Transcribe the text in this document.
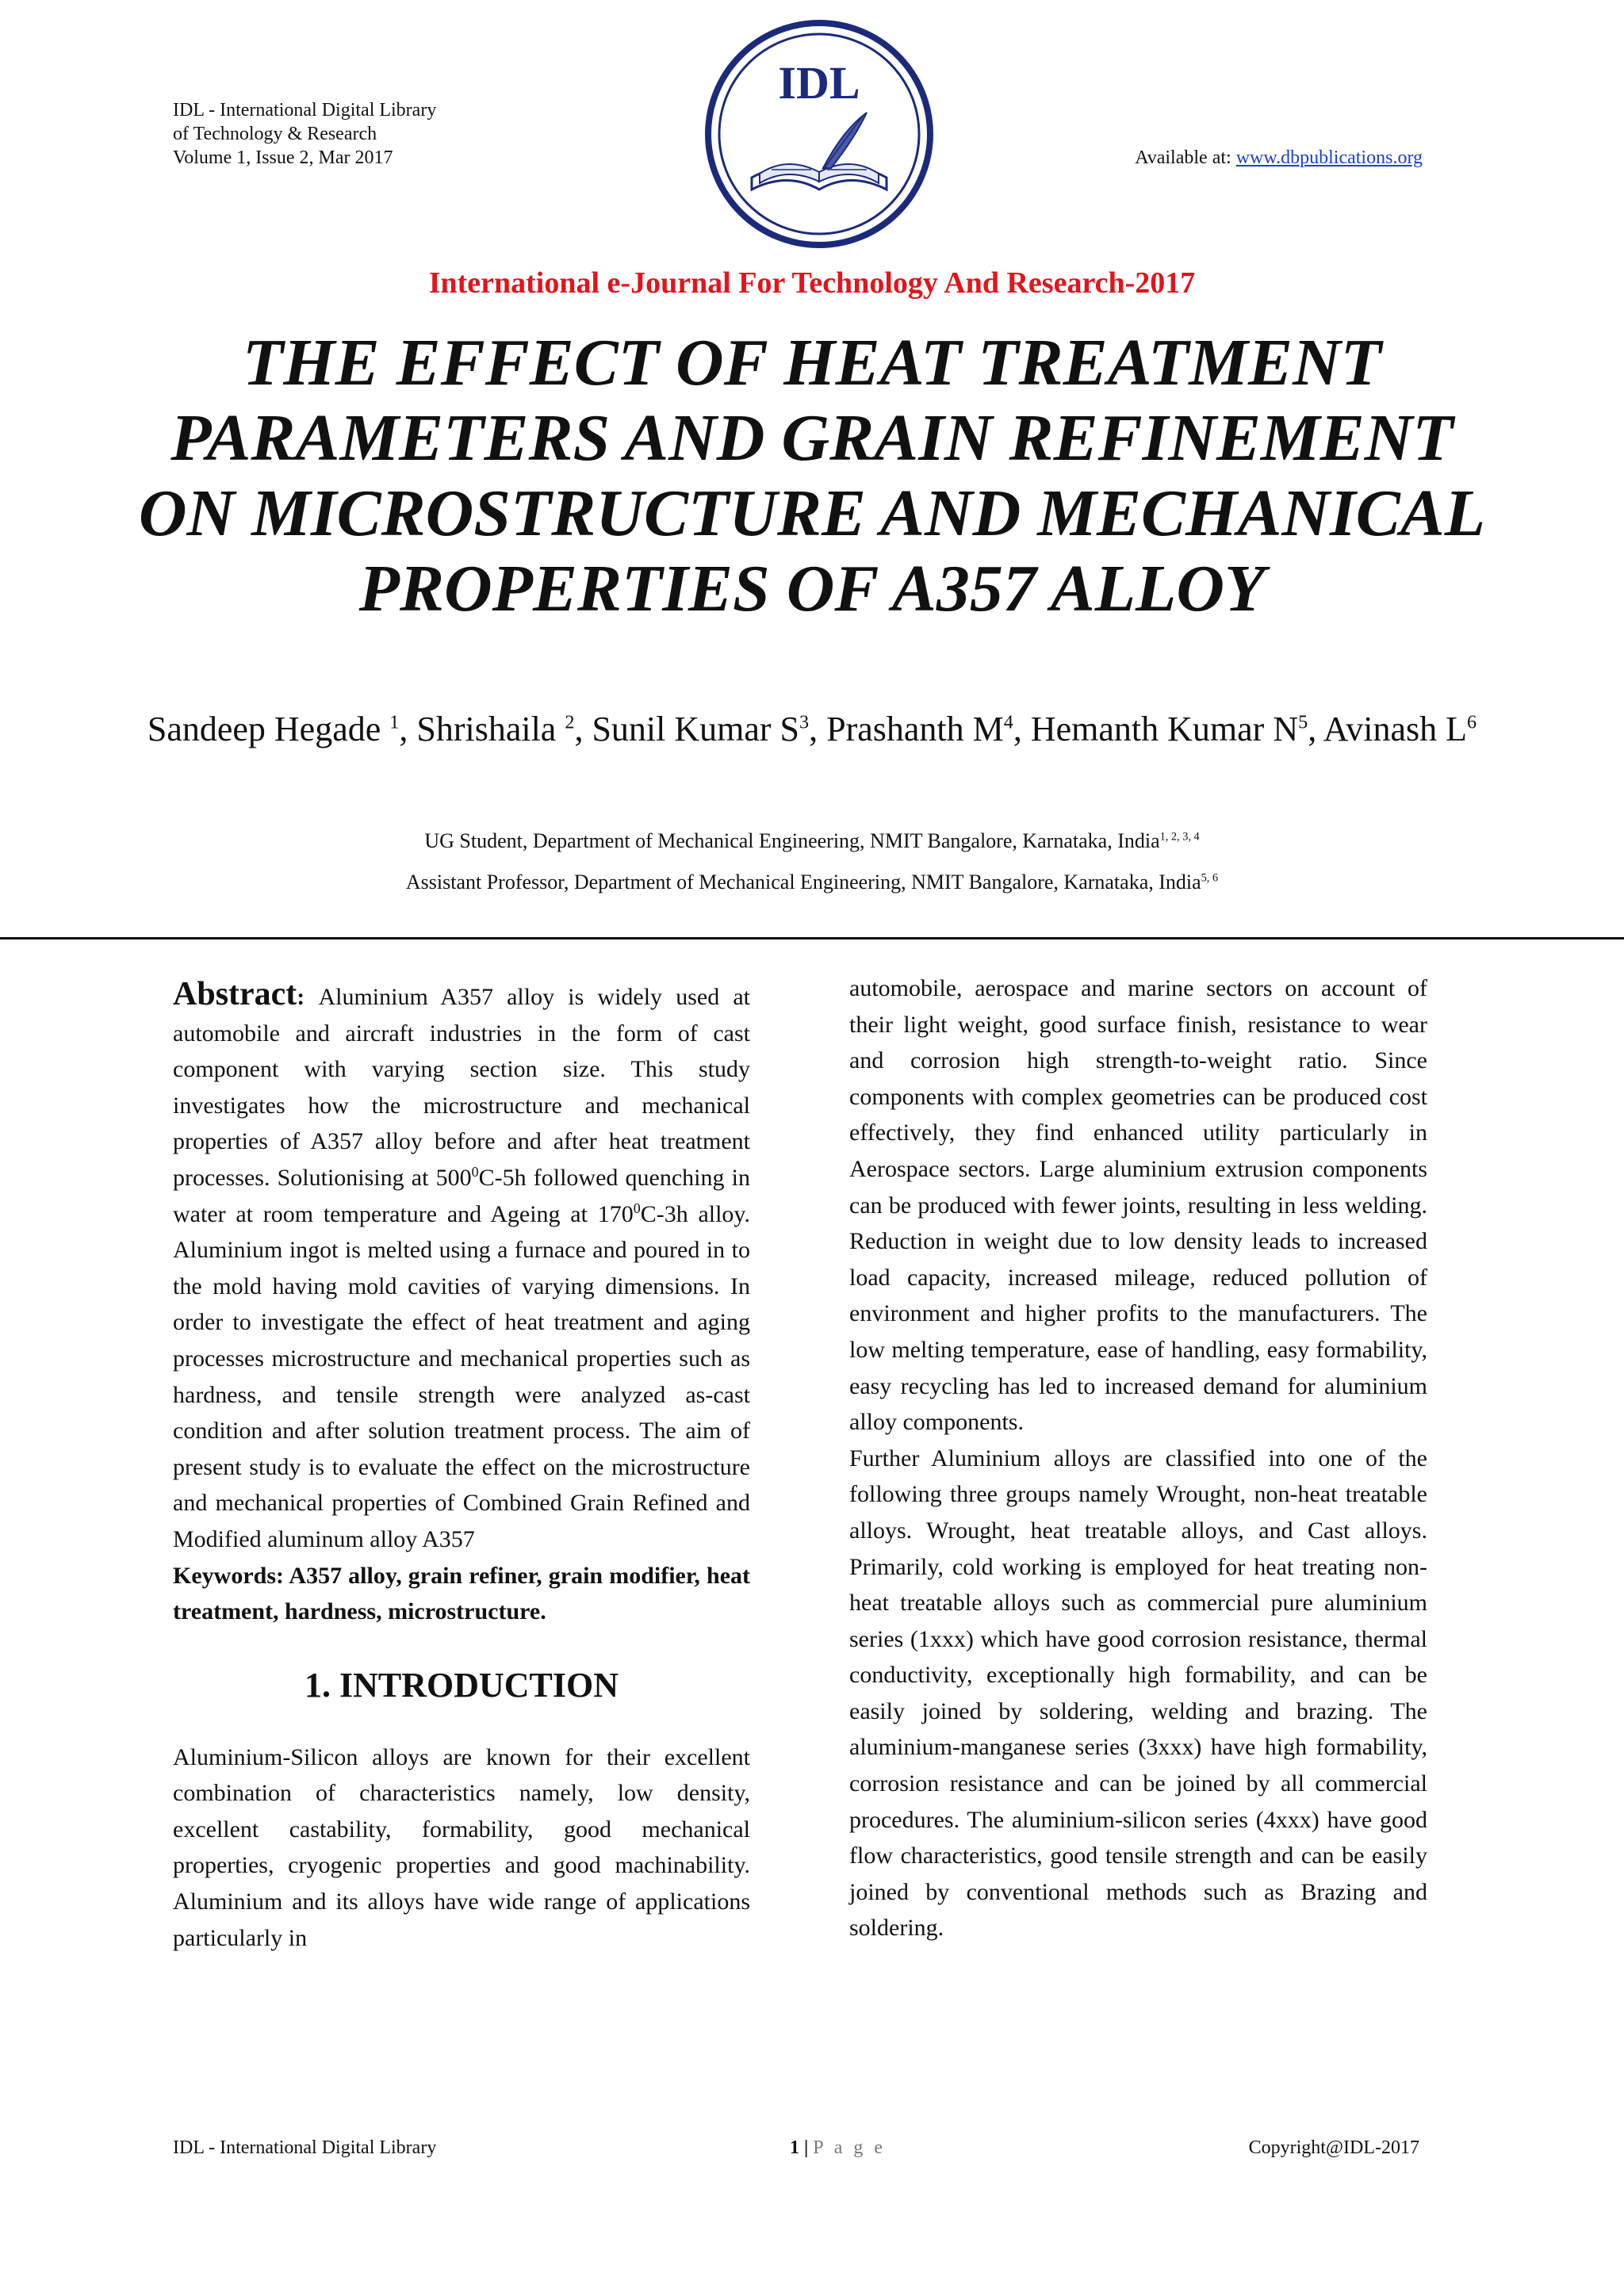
IDL - International Digital Library
of Technology & Research
Volume 1, Issue 2, Mar 2017
IDL
Available at: www.dbpublications.org
International e-Journal For Technology And Research-2017
THE EFFECT OF HEAT TREATMENT PARAMETERS AND GRAIN REFINEMENT ON MICROSTRUCTURE AND MECHANICAL PROPERTIES OF A357 ALLOY
Sandeep Hegade $^1$, Shrishaila $^2$, Sunil Kumar $S^3$, Prashanth $M^4$, Hemanth Kumar $N^5$, Avinash $L^6$
UG Student, Department of Mechanical Engineering, NMIT Bangalore, Karnataka, India$^{1, 2, 3, 4}$
Assistant Professor, Department of Mechanical Engineering, NMIT Bangalore, Karnataka, India$^{5, 6}$

Abstract: Aluminium A357 alloy is widely used at automobile and aircraft industries in the form of cast component with varying section size. This study investigates how the microstructure and mechanical properties of A357 alloy before and after heat treatment processes. Solutionising at $500^0C-5h$ followed quenching in water at room temperature and Ageing at $170^0C-3h$ alloy. Aluminium ingot is melted using a furnace and poured in to the mold having mold cavities of varying dimensions. In order to investigate the effect of heat treatment and aging processes microstructure and mechanical properties such as hardness, and tensile strength were analyzed as-cast condition and after solution treatment process. The aim of present study is to evaluate the effect on the microstructure and mechanical properties of Combined Grain Refined and Modified aluminum alloy A357

Keywords: A357 alloy, grain refiner, grain modifier, heat treatment, hardness, microstructure.

1. INTRODUCTION

Aluminium-Silicon alloys are known for their excellent combination of characteristics namely, low density, excellent castability, formability, good mechanical properties, cryogenic properties and good machinability. Aluminium and its alloys have wide range of applications particularly in

automobile, aerospace and marine sectors on account of their light weight, good surface finish, resistance to wear and corrosion high strength-to-weight ratio. Since components with complex geometries can be produced cost effectively, they find enhanced utility particularly in Aerospace sectors. Large aluminium extrusion components can be produced with fewer joints, resulting in less welding. Reduction in weight due to low density leads to increased load capacity, increased mileage, reduced pollution of environment and higher profits to the manufacturers. The low melting temperature, ease of handling, easy formability, easy recycling has led to increased demand for aluminium alloy components.

Further Aluminium alloys are classified into one of the following three groups namely Wrought, non-heat treatable alloys. Wrought, heat treatable alloys, and Cast alloys. Primarily, cold working is employed for heat treating non-heat treatable alloys such as commercial pure aluminium series (1xxx) which have good corrosion resistance, thermal conductivity, exceptionally high formability, and can be easily joined by soldering, welding and brazing. The aluminium-manganese series (3xxx) have high formability, corrosion resistance and can be joined by all commercial procedures. The aluminium-silicon series (4xxx) have good flow characteristics, good tensile strength and can be easily joined by conventional methods such as Brazing and soldering.

IDL - International Digital Library	1 | P a g e	Copyright@IDL-2017
